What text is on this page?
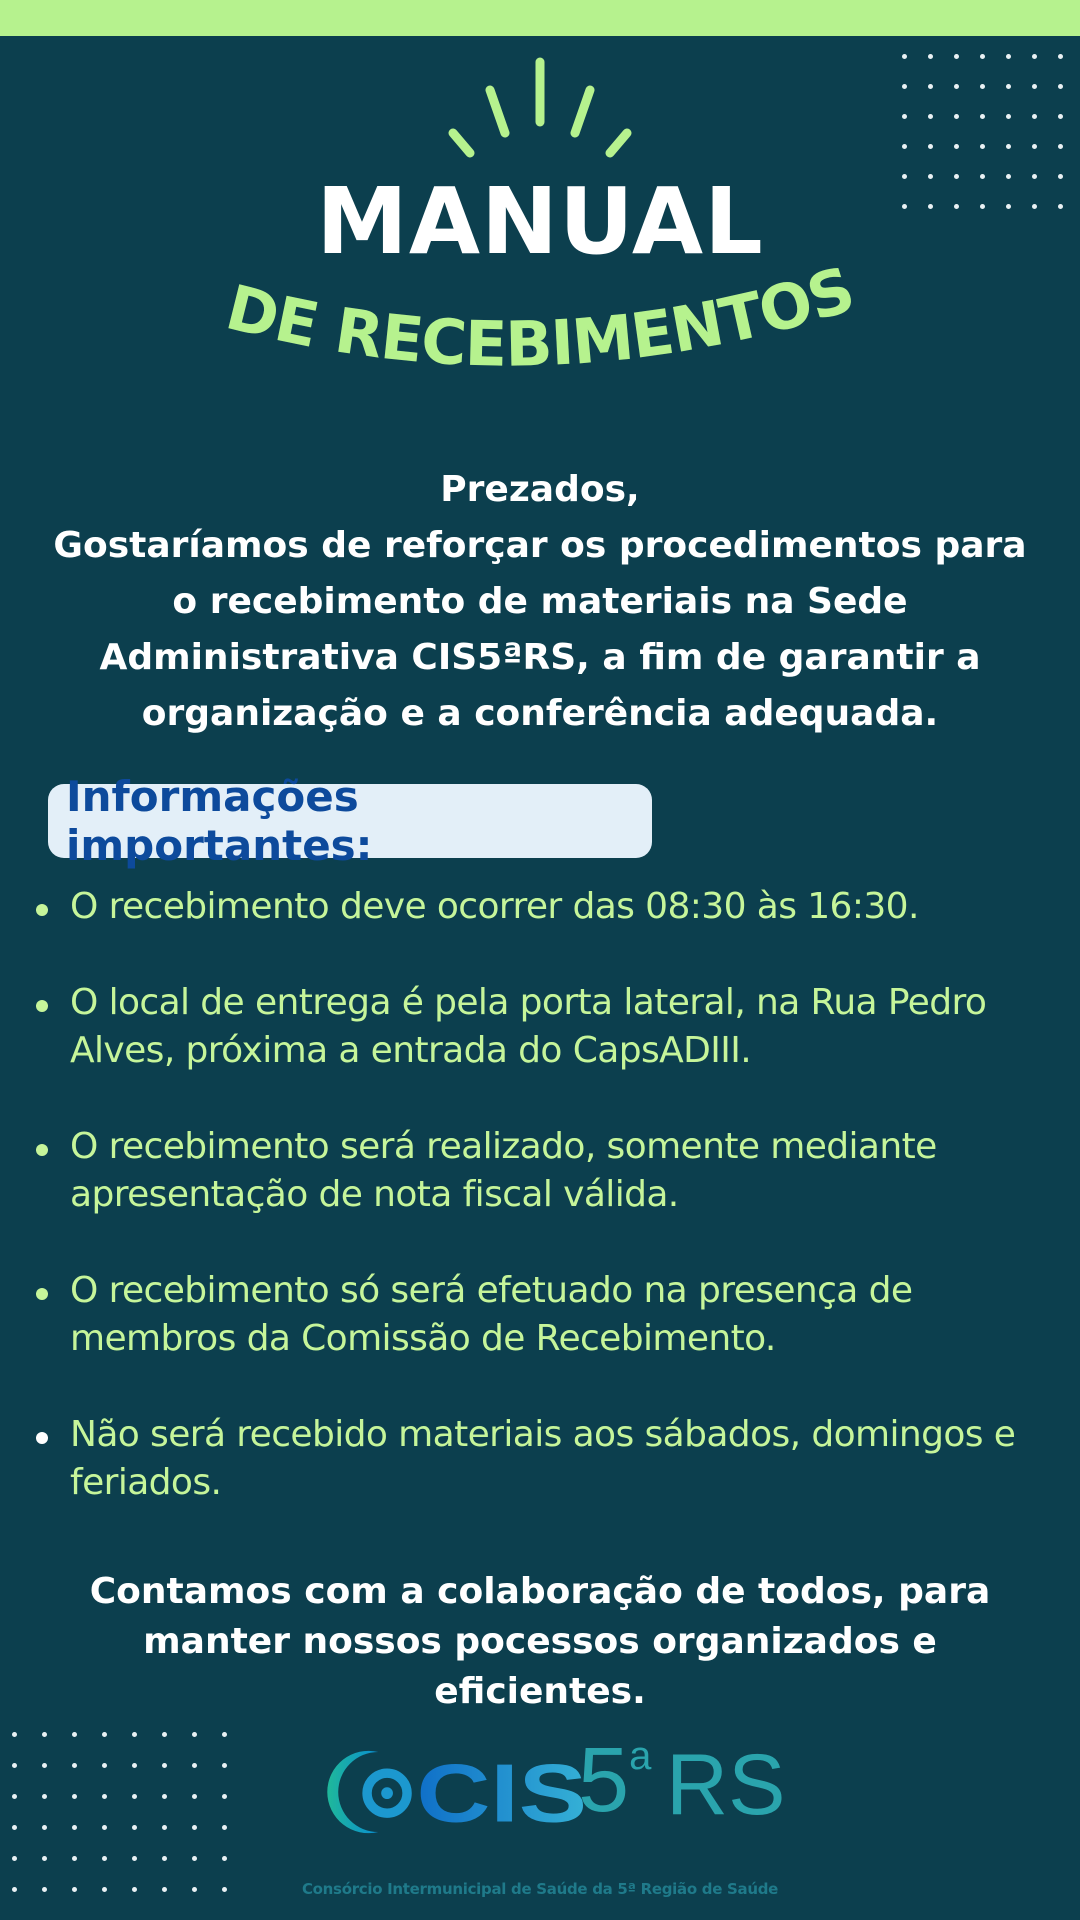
MANUAL
DE RECEBIMENTOS

Prezados,

Gostaríamos de reforçar os procedimentos para o recebimento de materiais na Sede Administrativa CIS5ªRS, a fim de garantir a organização e a conferência adequada.

Informações importantes:
O recebimento deve ocorrer das 08:30 às 16:30.
O local de entrega é pela porta lateral, na Rua Pedro Alves, próxima a entrada do CapsADIII.
O recebimento será realizado, somente mediante apresentação de nota fiscal válida.
O recebimento só será efetuado na presença de membros da Comissão de Recebimento.
Não será recebido materiais aos sábados, domingos e feriados.
Contamos com a colaboração de todos, para manter nossos pocessos organizados e eficientes.
CIS
5$^a$ RS
Consórcio Intermunicipal de Saúde da 5ª Região de Saúde
